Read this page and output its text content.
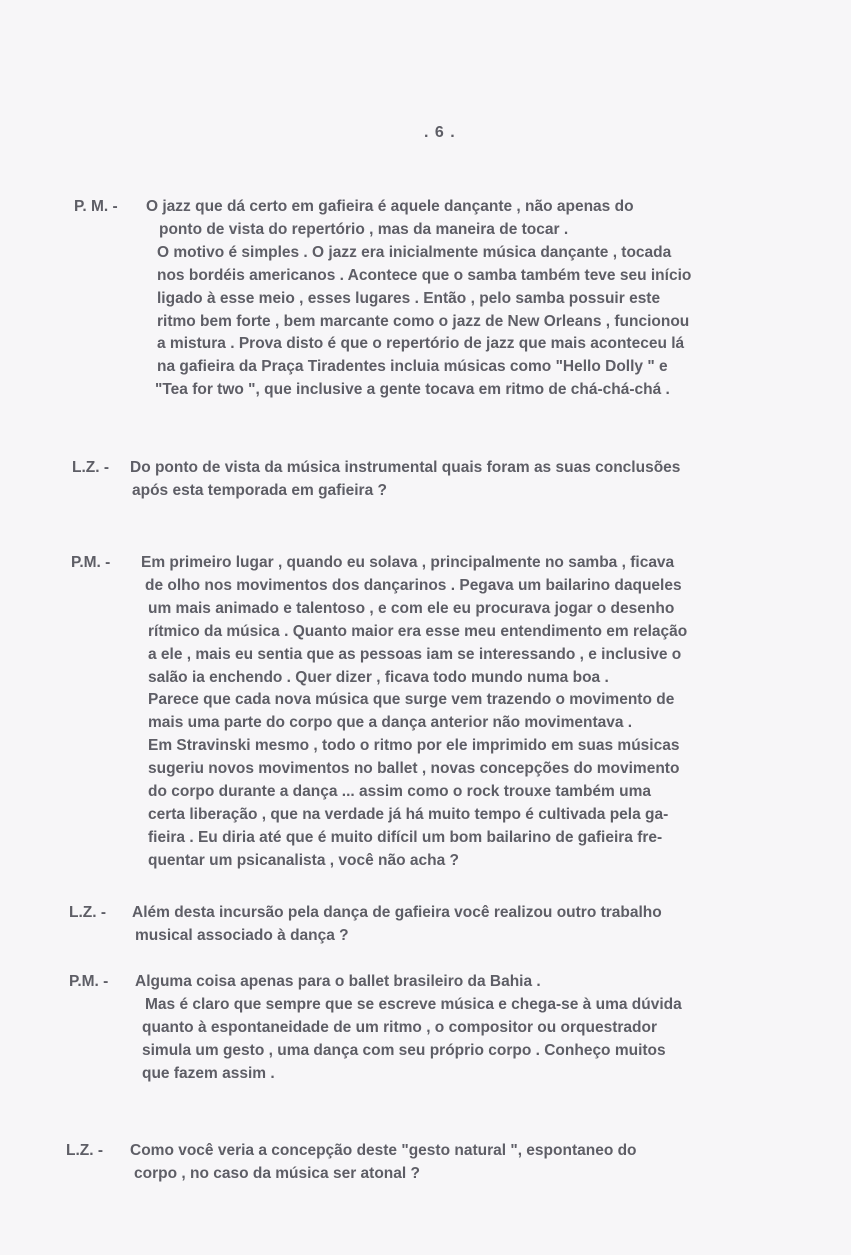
. 6 .
P. M. - O jazz que dá certo em gafieira é aquele dançante , não apenas do
ponto de vista do repertório , mas da maneira de tocar .
O motivo é simples . O jazz era inicialmente música dançante , tocada
nos bordéis americanos . Acontece que o samba também teve seu início
ligado à esse meio , esses lugares . Então , pelo samba possuir este
ritmo bem forte , bem marcante como o jazz de New Orleans , funcionou
a mistura . Prova disto é que o repertório de jazz que mais aconteceu lá
na gafieira da Praça Tiradentes incluia músicas como "Hello Dolly " e
"Tea for two ", que inclusive a gente tocava em ritmo de chá-chá-chá .
L.Z. - Do ponto de vista da música instrumental quais foram as suas conclusões
após esta temporada em gafieira ?
P.M. - Em primeiro lugar , quando eu solava , principalmente no samba , ficava
de olho nos movimentos dos dançarinos . Pegava um bailarino daqueles
um mais animado e talentoso , e com ele eu procurava jogar o desenho
rítmico da música . Quanto maior era esse meu entendimento em relação
a ele , mais eu sentia que as pessoas iam se interessando , e inclusive o
salão ia enchendo . Quer dizer , ficava todo mundo numa boa .
Parece que cada nova música que surge vem trazendo o movimento de
mais uma parte do corpo que a dança anterior não movimentava .
Em Stravinski mesmo , todo o ritmo por ele imprimido em suas músicas
sugeriu novos movimentos no ballet , novas concepções do movimento
do corpo durante a dança ... assim como o rock trouxe também uma
certa liberação , que na verdade já há muito tempo é cultivada pela ga-
fieira . Eu diria até que é muito difícil um bom bailarino de gafieira fre-
quentar um psicanalista , você não acha ?
L.Z. - Além desta incursão pela dança de gafieira você realizou outro trabalho
musical associado à dança ?
P.M. - Alguma coisa apenas para o ballet brasileiro da Bahia .
Mas é claro que sempre que se escreve música e chega-se à uma dúvida
quanto à espontaneidade de um ritmo , o compositor ou orquestrador
simula um gesto , uma dança com seu próprio corpo . Conheço muitos
que fazem assim .
L.Z. - Como você veria a concepção deste "gesto natural ", espontaneo do
corpo , no caso da música ser atonal ?
